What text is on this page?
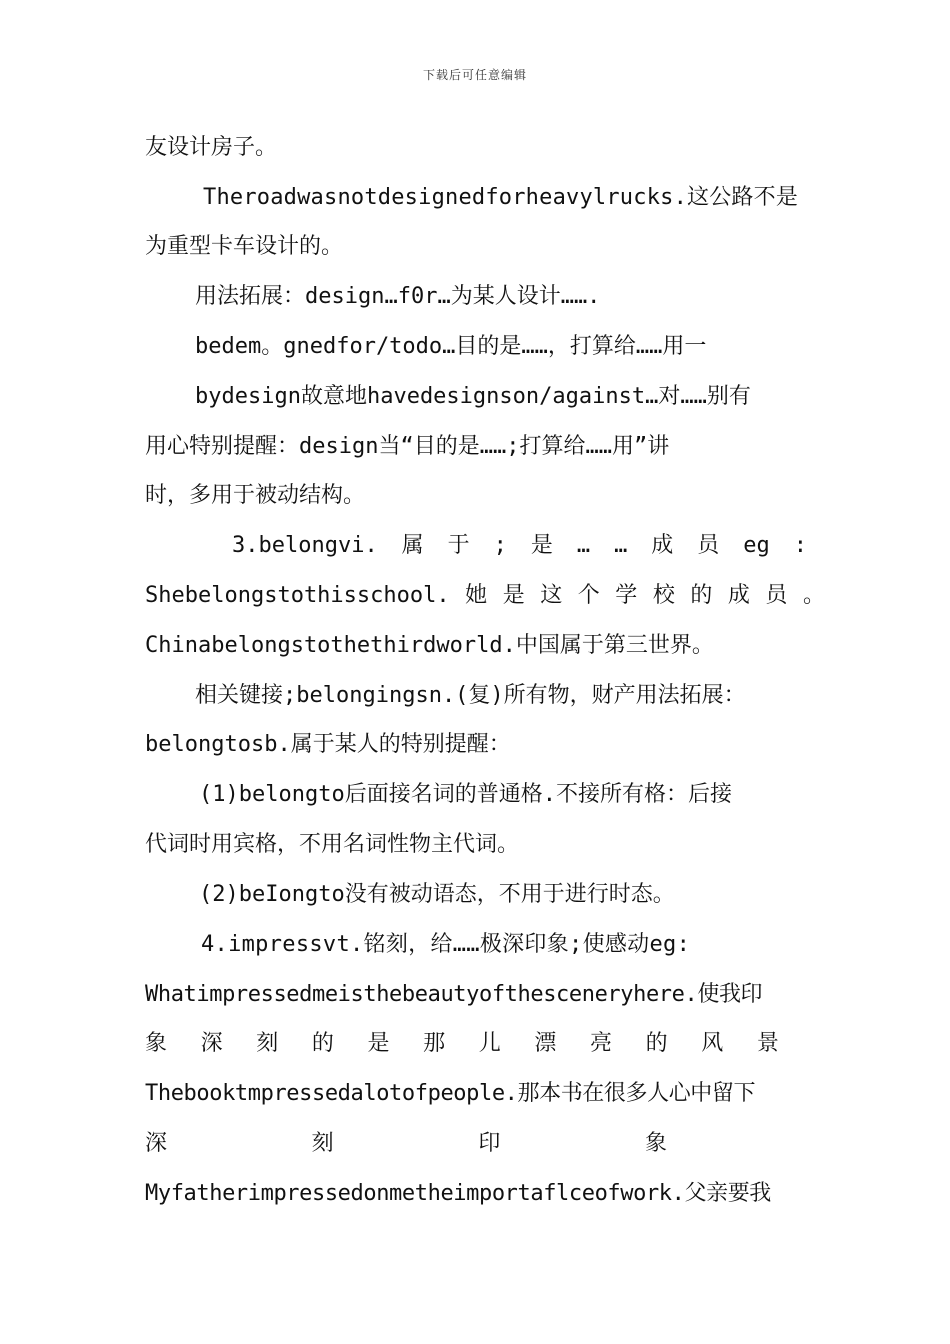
下载后可任意编辑
友设计房子。
Theroadwasnotdesignedforheavylrucks.这公路不是
为重型卡车设计的。
用法拓展：design…f0r…为某人设计…….
bedem。gnedfor/todo…目的是……，打算给……用一
bydesign故意地havedesignson/against…对……别有
用心特别提醒：design当“目的是……;打算给……用”讲
时，多用于被动结构。
3.belongvi. 属 于 ; 是 … … 成 员 eg :
Shebelongstothisschool. 她 是 这 个 学 校 的 成 员 。
Chinabelongstothethirdworld.中国属于第三世界。
相关键接;belongingsn.(复)所有物，财产用法拓展：
belongtosb.属于某人的特别提醒：
(1)belongto后面接名词的普通格.不接所有格：后接
代词时用宾格，不用名词性物主代词。
(2)beIongto没有被动语态，不用于进行时态。
4.impressvt.铭刻，给……极深印象;使感动eg:
Whatimpressedmeisthebeautyofthesceneryhere.使我印
象 深 刻 的 是 那 儿 漂 亮 的 风 景
Thebooktmpressedalotofpeople.那本书在很多人心中留下
深	刻	印	象
Myfatherimpressedonmetheimportaflceofwork.父亲要我
